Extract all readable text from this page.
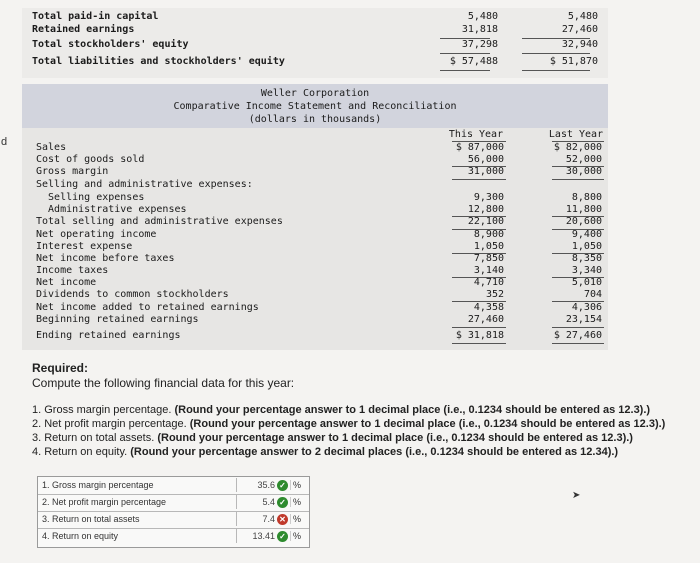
d
Total paid-in capital	5,480	5,480
Retained earnings	31,818	27,460
Total stockholders' equity	37,298	32,940
Total liabilities and stockholders' equity	$ 57,488	$ 51,870
Weller Corporation
Comparative Income Statement and Reconciliation
(dollars in thousands)
This Year	Last Year
Sales	$ 87,000	$ 82,000
Cost of goods sold	56,000	52,000
Gross margin	31,000	30,000
Selling and administrative expenses:
Selling expenses	9,300	8,800
Administrative expenses	12,800	11,800
Total selling and administrative expenses	22,100	20,600
Net operating income	8,900	9,400
Interest expense	1,050	1,050
Net income before taxes	7,850	8,350
Income taxes	3,140	3,340
Net income	4,710	5,010
Dividends to common stockholders	352	704
Net income added to retained earnings	4,358	4,306
Beginning retained earnings	27,460	23,154
Ending retained earnings	$ 31,818	$ 27,460
Required:
Compute the following financial data for this year:
1. Gross margin percentage. (Round your percentage answer to 1 decimal place (i.e., 0.1234 should be entered as 12.3).)
2. Net profit margin percentage. (Round your percentage answer to 1 decimal place (i.e., 0.1234 should be entered as 12.3).)
3. Return on total assets. (Round your percentage answer to 1 decimal place (i.e., 0.1234 should be entered as 12.3).)
4. Return on equity. (Round your percentage answer to 2 decimal places (i.e., 0.1234 should be entered as 12.34).)
1. Gross margin percentage	35.6 ✓ %
2. Net profit margin percentage	5.4 ✓ %
3. Return on total assets	7.4 ✕ %
4. Return on equity	13.41 ✓ %
➤
